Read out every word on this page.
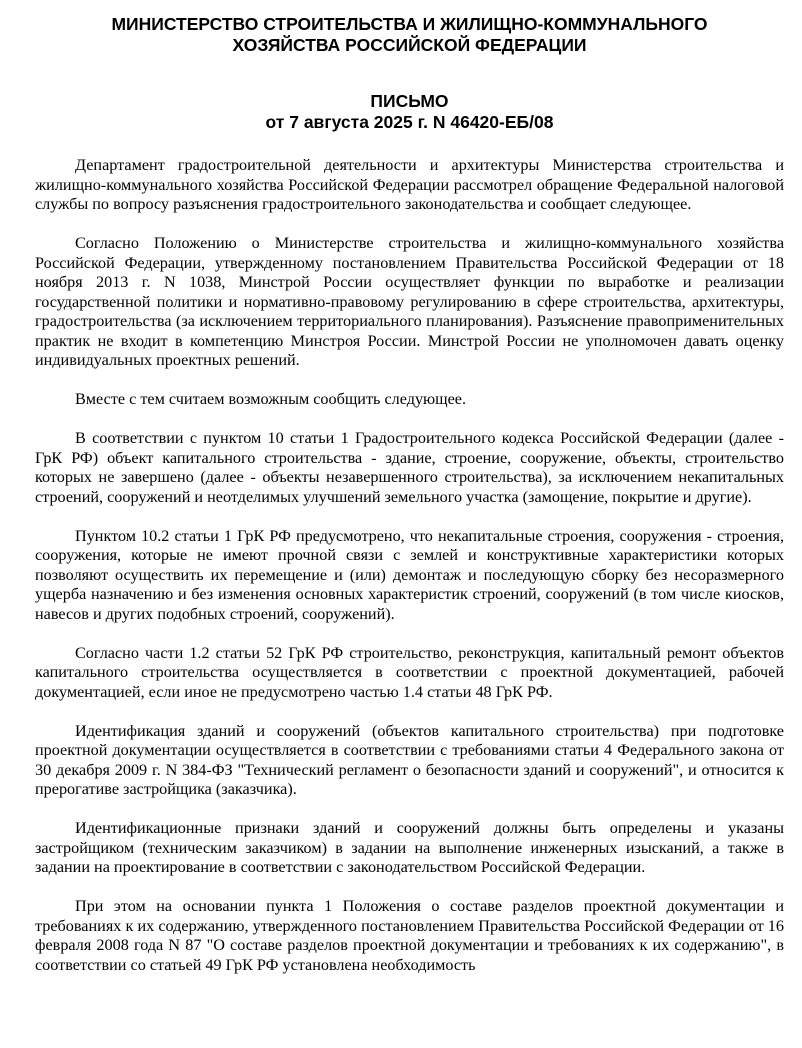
МИНИСТЕРСТВО СТРОИТЕЛЬСТВА И ЖИЛИЩНО-КОММУНАЛЬНОГО
ХОЗЯЙСТВА РОССИЙСКОЙ ФЕДЕРАЦИИ
ПИСЬМО
от 7 августа 2025 г. N 46420-ЕБ/08

Департамент градостроительной деятельности и архитектуры Министерства строительства и жилищно-коммунального хозяйства Российской Федерации рассмотрел обращение Федеральной налоговой службы по вопросу разъяснения градостроительного законодательства и сообщает следующее.

Согласно Положению о Министерстве строительства и жилищно-коммунального хозяйства Российской Федерации, утвержденному постановлением Правительства Российской Федерации от 18 ноября 2013 г. N 1038, Минстрой России осуществляет функции по выработке и реализации государственной политики и нормативно-правовому регулированию в сфере строительства, архитектуры, градостроительства (за исключением территориального планирования). Разъяснение правоприменительных практик не входит в компетенцию Минстроя России. Минстрой России не уполномочен давать оценку индивидуальных проектных решений.

Вместе с тем считаем возможным сообщить следующее.

В соответствии с пунктом 10 статьи 1 Градостроительного кодекса Российской Федерации (далее - ГрК РФ) объект капитального строительства - здание, строение, сооружение, объекты, строительство которых не завершено (далее - объекты незавершенного строительства), за исключением некапитальных строений, сооружений и неотделимых улучшений земельного участка (замощение, покрытие и другие).

Пунктом 10.2 статьи 1 ГрК РФ предусмотрено, что некапитальные строения, сооружения - строения, сооружения, которые не имеют прочной связи с землей и конструктивные характеристики которых позволяют осуществить их перемещение и (или) демонтаж и последующую сборку без несоразмерного ущерба назначению и без изменения основных характеристик строений, сооружений (в том числе киосков, навесов и других подобных строений, сооружений).

Согласно части 1.2 статьи 52 ГрК РФ строительство, реконструкция, капитальный ремонт объектов капитального строительства осуществляется в соответствии с проектной документацией, рабочей документацией, если иное не предусмотрено частью 1.4 статьи 48 ГрК РФ.

Идентификация зданий и сооружений (объектов капитального строительства) при подготовке проектной документации осуществляется в соответствии с требованиями статьи 4 Федерального закона от 30 декабря 2009 г. N 384-ФЗ "Технический регламент о безопасности зданий и сооружений", и относится к прерогативе застройщика (заказчика).

Идентификационные признаки зданий и сооружений должны быть определены и указаны застройщиком (техническим заказчиком) в задании на выполнение инженерных изысканий, а также в задании на проектирование в соответствии с законодательством Российской Федерации.

При этом на основании пункта 1 Положения о составе разделов проектной документации и требованиях к их содержанию, утвержденного постановлением Правительства Российской Федерации от 16 февраля 2008 года N 87 "О составе разделов проектной документации и требованиях к их содержанию", в соответствии со статьей 49 ГрК РФ установлена необходимость
